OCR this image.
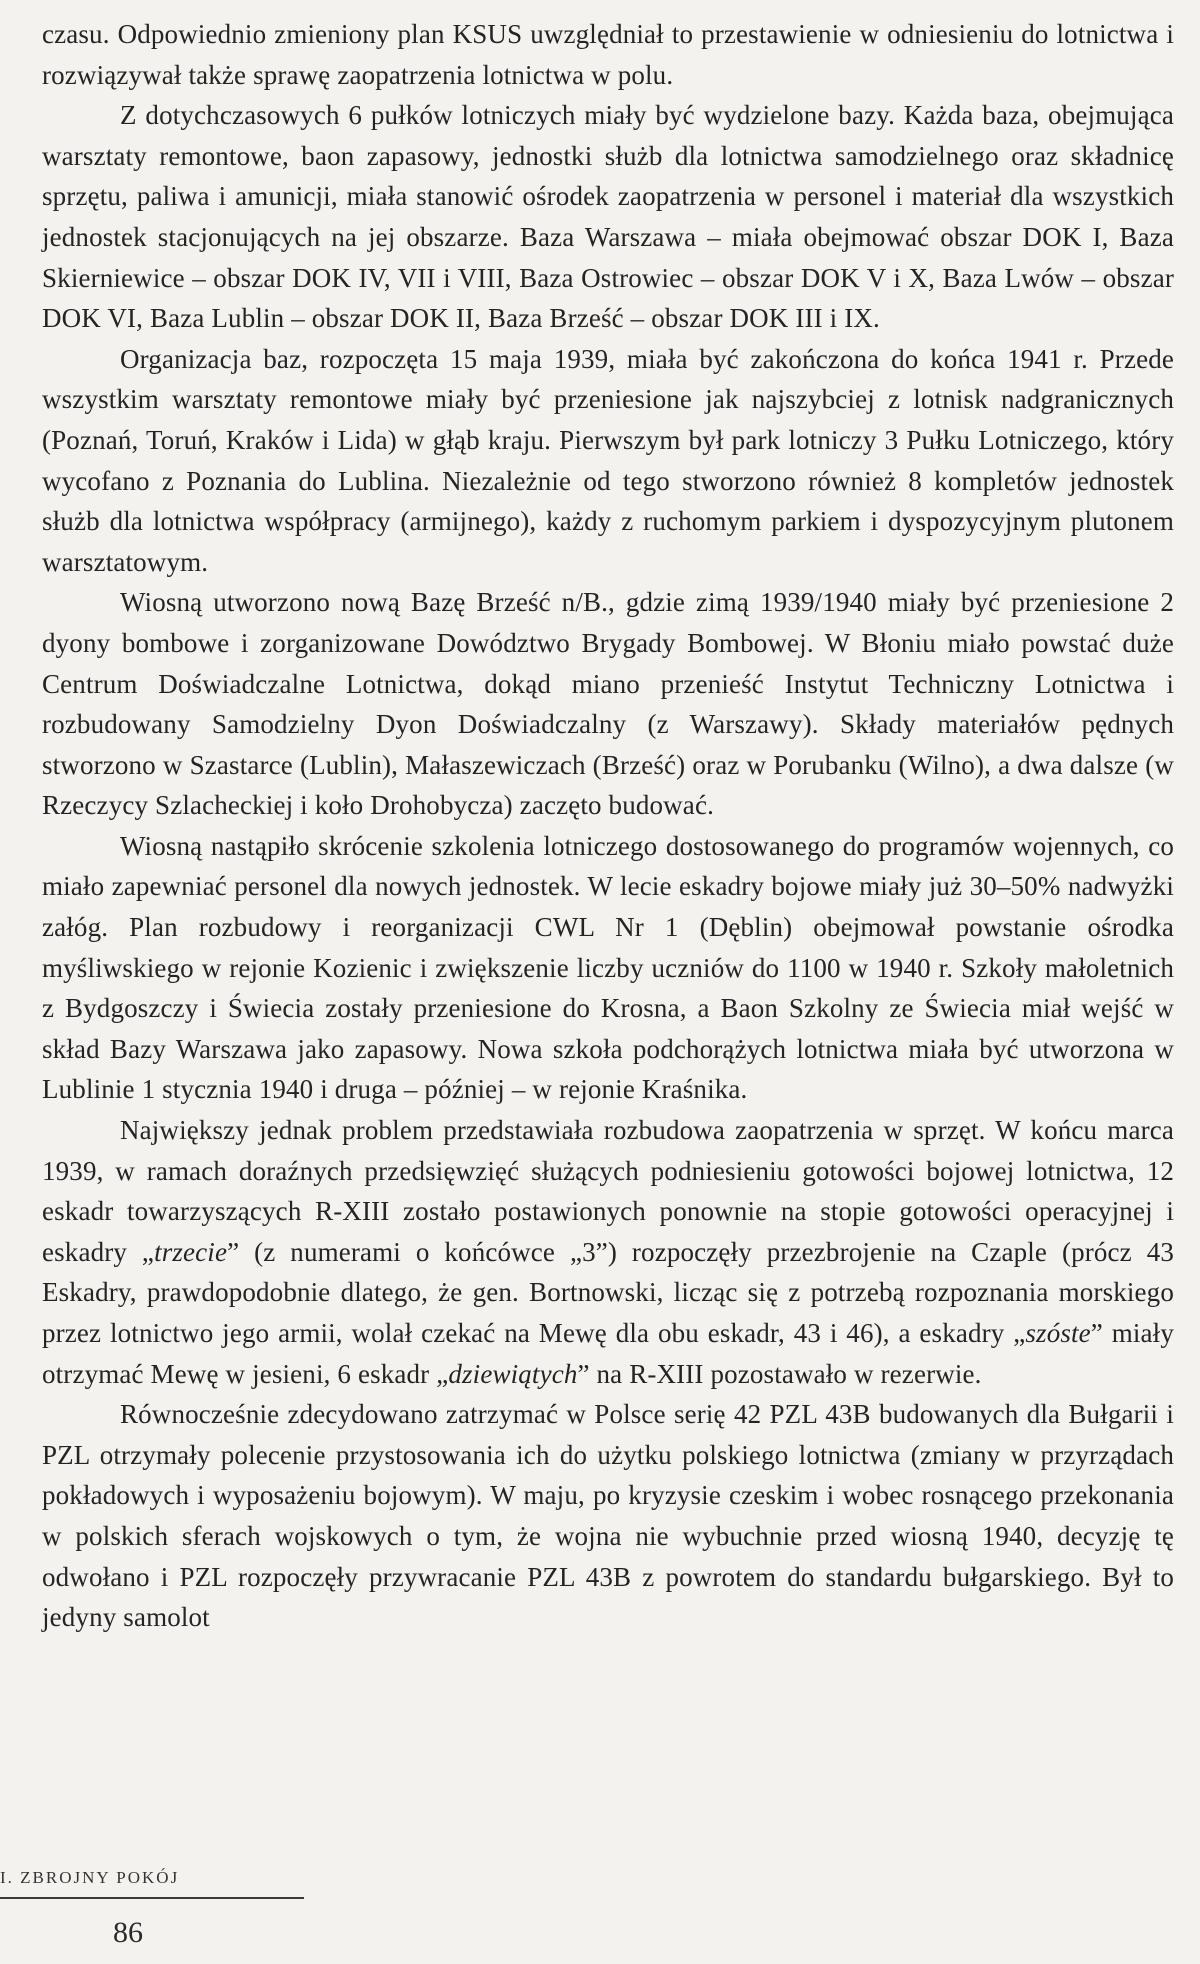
czasu. Odpowiednio zmieniony plan KSUS uwzględniał to przestawienie w odniesieniu do lotnictwa i rozwiązywał także sprawę zaopatrzenia lotnictwa w polu.

Z dotychczasowych 6 pułków lotniczych miały być wydzielone bazy. Każda baza, obejmująca warsztaty remontowe, baon zapasowy, jednostki służb dla lotnictwa samodzielnego oraz składnicę sprzętu, paliwa i amunicji, miała stanowić ośrodek zaopatrzenia w personel i materiał dla wszystkich jednostek stacjonujących na jej obszarze. Baza Warszawa – miała obejmować obszar DOK I, Baza Skierniewice – obszar DOK IV, VII i VIII, Baza Ostrowiec – obszar DOK V i X, Baza Lwów – obszar DOK VI, Baza Lublin – obszar DOK II, Baza Brześć – obszar DOK III i IX.

Organizacja baz, rozpoczęta 15 maja 1939, miała być zakończona do końca 1941 r. Przede wszystkim warsztaty remontowe miały być przeniesione jak najszybciej z lotnisk nadgranicznych (Poznań, Toruń, Kraków i Lida) w głąb kraju. Pierwszym był park lotniczy 3 Pułku Lotniczego, który wycofano z Poznania do Lublina. Niezależnie od tego stworzono również 8 kompletów jednostek służb dla lotnictwa współpracy (armijnego), każdy z ruchomym parkiem i dyspozycyjnym plutonem warsztatowym.

Wiosną utworzono nową Bazę Brześć n/B., gdzie zimą 1939/1940 miały być przeniesione 2 dyony bombowe i zorganizowane Dowództwo Brygady Bombowej. W Błoniu miało powstać duże Centrum Doświadczalne Lotnictwa, dokąd miano przenieść Instytut Techniczny Lotnictwa i rozbudowany Samodzielny Dyon Doświadczalny (z Warszawy). Składy materiałów pędnych stworzono w Szastarce (Lublin), Małaszewiczach (Brześć) oraz w Porubanku (Wilno), a dwa dalsze (w Rzeczycy Szlacheckiej i koło Drohobycza) zaczęto budować.

Wiosną nastąpiło skrócenie szkolenia lotniczego dostosowanego do programów wojennych, co miało zapewniać personel dla nowych jednostek. W lecie eskadry bojowe miały już 30–50% nadwyżki załóg. Plan rozbudowy i reorganizacji CWL Nr 1 (Dęblin) obejmował powstanie ośrodka myśliwskiego w rejonie Kozienic i zwiększenie liczby uczniów do 1100 w 1940 r. Szkoły małoletnich z Bydgoszczy i Świecia zostały przeniesione do Krosna, a Baon Szkolny ze Świecia miał wejść w skład Bazy Warszawa jako zapasowy. Nowa szkoła podchorążych lotnictwa miała być utworzona w Lublinie 1 stycznia 1940 i druga – później – w rejonie Kraśnika.

Największy jednak problem przedstawiała rozbudowa zaopatrzenia w sprzęt. W końcu marca 1939, w ramach doraźnych przedsięwzięć służących podniesieniu gotowości bojowej lotnictwa, 12 eskadr towarzyszących R-XIII zostało postawionych ponownie na stopie gotowości operacyjnej i eskadry „trzecie” (z numerami o końcówce „3”) rozpoczęły przezbrojenie na Czaple (prócz 43 Eskadry, prawdopodobnie dlatego, że gen. Bortnowski, licząc się z potrzebą rozpoznania morskiego przez lotnictwo jego armii, wolał czekać na Mewę dla obu eskadr, 43 i 46), a eskadry „szóste” miały otrzymać Mewę w jesieni, 6 eskadr „dziewiątych” na R-XIII pozostawało w rezerwie.

Równocześnie zdecydowano zatrzymać w Polsce serię 42 PZL 43B budowanych dla Bułgarii i PZL otrzymały polecenie przystosowania ich do użytku polskiego lotnictwa (zmiany w przyrządach pokładowych i wyposażeniu bojowym). W maju, po kryzysie czeskim i wobec rosnącego przekonania w polskich sferach wojskowych o tym, że wojna nie wybuchnie przed wiosną 1940, decyzję tę odwołano i PZL rozpoczęły przywracanie PZL 43B z powrotem do standardu bułgarskiego. Był to jedyny samolot

I. ZBROJNY POKÓJ
86
